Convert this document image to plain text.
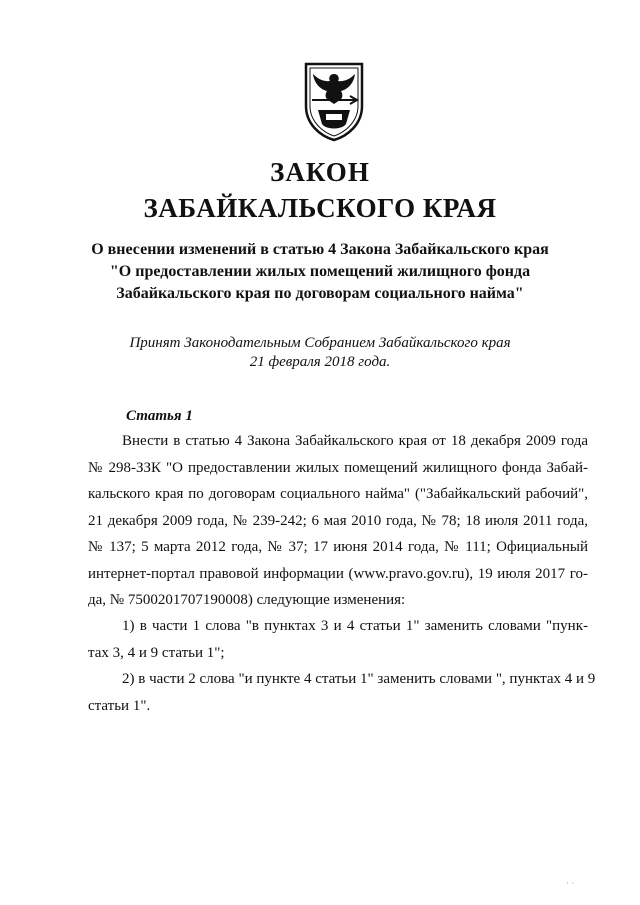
ЗАКОН
ЗАБАЙКАЛЬСКОГО КРАЯ
О внесении изменений в статью 4 Закона Забайкальского края
"О предоставлении жилых помещений жилищного фонда
Забайкальского края по договорам социального найма"
Принят Законодательным Собранием Забайкальского края
21 февраля 2018 года.
Статья 1
Внести в статью 4 Закона Забайкальского края от 18 декабря 2009 года
№ 298-ЗЗК "О предоставлении жилых помещений жилищного фонда Забай-
кальского края по договорам социального найма" ("Забайкальский рабочий",
21 декабря 2009 года, № 239-242; 6 мая 2010 года, № 78; 18 июля 2011 года,
№ 137; 5 марта 2012 года, № 37; 17 июня 2014 года, № 111; Официальный
интернет-портал правовой информации (www.pravo.gov.ru), 19 июля 2017 го-
да, № 7500201707190008) следующие изменения:
1) в части 1 слова "в пунктах 3 и 4 статьи 1" заменить словами "пунк-
тах 3, 4 и 9 статьи 1";
2) в части 2 слова "и пункте 4 статьи 1" заменить словами ", пунктах 4 и 9
статьи 1".
· ·
